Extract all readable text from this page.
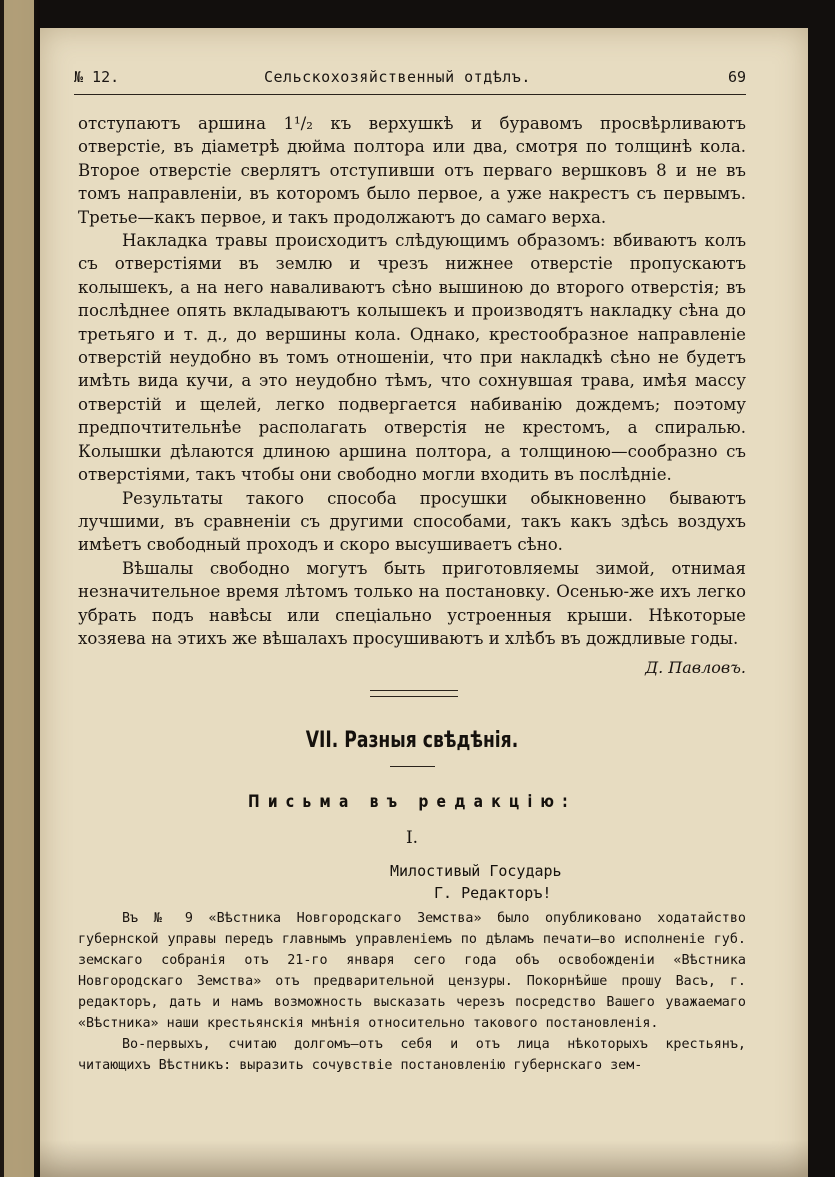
№ 12.	Сельскохозяйственный отдѣлъ.	69

отступаютъ аршина 1¹/₂ къ верхушкѣ и буравомъ просвѣрливаютъ отверстіе, въ діаметрѣ дюйма полтора или два, смотря по толщинѣ кола. Второе отверстіе сверлятъ отступивши отъ перваго вершковъ 8 и не въ томъ направленіи, въ которомъ было первое, а уже накрестъ съ первымъ. Третье—какъ первое, и такъ продолжаютъ до самаго верха.

Накладка травы происходитъ слѣдующимъ образомъ: вбиваютъ колъ съ отверстіями въ землю и чрезъ нижнее отверстіе пропускаютъ колышекъ, а на него наваливаютъ сѣно вышиною до второго отверстія; въ послѣднее опять вкладываютъ колышекъ и производятъ накладку сѣна до третьяго и т. д., до вершины кола. Однако, крестообразное направленіе отверстій неудобно въ томъ отношеніи, что при накладкѣ сѣно не будетъ имѣть вида кучи, а это неудобно тѣмъ, что сохнувшая трава, имѣя массу отверстій и щелей, легко подвергается набиванію дождемъ; поэтому предпочтительнѣе располагать отверстія не крестомъ, а спиралью. Колышки дѣлаются длиною аршина полтора, а толщиною—сообразно съ отверстіями, такъ чтобы они свободно могли входить въ послѣдніе.

Результаты такого способа просушки обыкновенно бываютъ лучшими, въ сравненіи съ другими способами, такъ какъ здѣсь воздухъ имѣетъ свободный проходъ и скоро высушиваетъ сѣно.

Вѣшалы свободно могутъ быть приготовляемы зимой, отнимая незначительное время лѣтомъ только на постановку. Осенью-же ихъ легко убрать подъ навѣсы или спеціально устроенныя крыши. Нѣкоторые хозяева на этихъ же вѣшалахъ просушиваютъ и хлѣбъ въ дождливые годы.

Д. Павловъ.
VII. Разныя свѣдѣнія.
Письма въ редакцію:
I.
Милостивый Государь
Г. Редакторъ!

Въ № 9 «Вѣстника Новгородскаго Земства» было опубликовано ходатайство губернской управы передъ главнымъ управленіемъ по дѣламъ печати—во исполненіе губ. земскаго собранія отъ 21-го января сего года объ освобожденіи «Вѣстника Новгородскаго Земства» отъ предварительной цензуры. Покорнѣйше прошу Васъ, г. редакторъ, дать и намъ возможность высказать черезъ посредство Вашего уважаемаго «Вѣстника» наши крестьянскія мнѣнія относительно такового постановленія.

Во-первыхъ, считаю долгомъ—отъ себя и отъ лица нѣкоторыхъ крестьянъ, читающихъ Вѣстникъ: выразить сочувствіе постановленію губернскаго зем-
